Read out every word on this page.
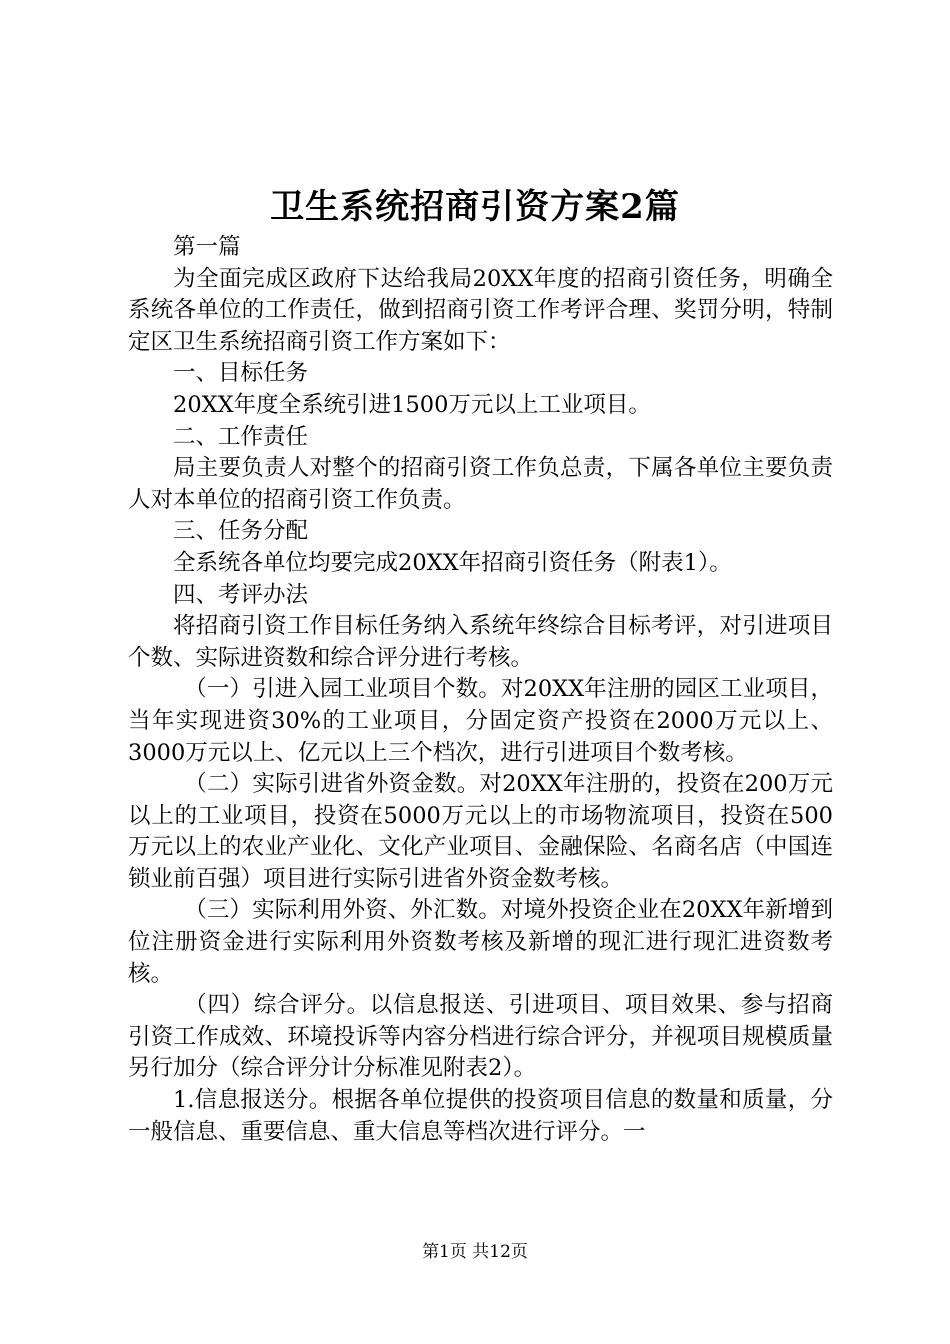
卫生系统招商引资方案2篇

第一篇

为全面完成区政府下达给我局20XX年度的招商引资任务，明确全系统各单位的工作责任，做到招商引资工作考评合理、奖罚分明，特制定区卫生系统招商引资工作方案如下：

一、目标任务

20XX年度全系统引进1500万元以上工业项目。

二、工作责任

局主要负责人对整个的招商引资工作负总责，下属各单位主要负责人对本单位的招商引资工作负责。

三、任务分配

全系统各单位均要完成20XX年招商引资任务（附表1）。

四、考评办法

将招商引资工作目标任务纳入系统年终综合目标考评，对引进项目个数、实际进资数和综合评分进行考核。

（一）引进入园工业项目个数。对20XX年注册的园区工业项目，当年实现进资30%的工业项目，分固定资产投资在2000万元以上、3000万元以上、亿元以上三个档次，进行引进项目个数考核。

（二）实际引进省外资金数。对20XX年注册的，投资在200万元以上的工业项目，投资在5000万元以上的市场物流项目，投资在500万元以上的农业产业化、文化产业项目、金融保险、名商名店（中国连锁业前百强）项目进行实际引进省外资金数考核。

（三）实际利用外资、外汇数。对境外投资企业在20XX年新增到位注册资金进行实际利用外资数考核及新增的现汇进行现汇进资数考核。

（四）综合评分。以信息报送、引进项目、项目效果、参与招商引资工作成效、环境投诉等内容分档进行综合评分，并视项目规模质量另行加分（综合评分计分标准见附表2）。

1.信息报送分。根据各单位提供的投资项目信息的数量和质量，分一般信息、重要信息、重大信息等档次进行评分。一

第1页 共12页
